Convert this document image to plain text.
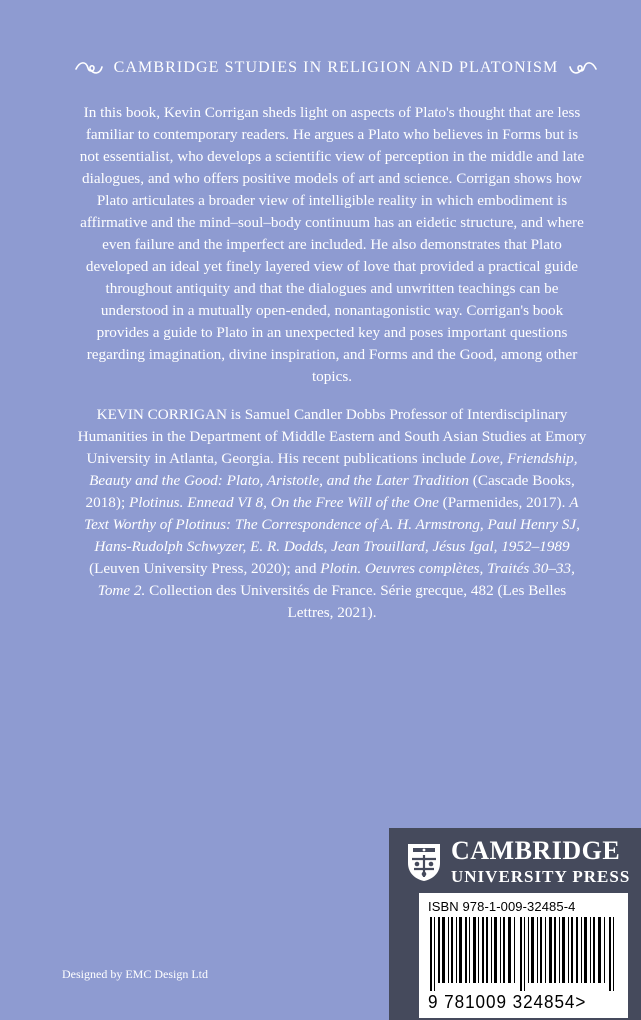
CAMBRIDGE STUDIES IN RELIGION AND PLATONISM

In this book, Kevin Corrigan sheds light on aspects of Plato's thought that are less familiar to contemporary readers. He argues a Plato who believes in Forms but is not essentialist, who develops a scientific view of perception in the middle and late dialogues, and who offers positive models of art and science. Corrigan shows how Plato articulates a broader view of intelligible reality in which embodiment is affirmative and the mind–soul–body continuum has an eidetic structure, and where even failure and the imperfect are included. He also demonstrates that Plato developed an ideal yet finely layered view of love that provided a practical guide throughout antiquity and that the dialogues and unwritten teachings can be understood in a mutually open-ended, nonantagonistic way. Corrigan's book provides a guide to Plato in an unexpected key and poses important questions regarding imagination, divine inspiration, and Forms and the Good, among other topics.

KEVIN CORRIGAN is Samuel Candler Dobbs Professor of Interdisciplinary Humanities in the Department of Middle Eastern and South Asian Studies at Emory University in Atlanta, Georgia. His recent publications include Love, Friendship, Beauty and the Good: Plato, Aristotle, and the Later Tradition (Cascade Books, 2018); Plotinus. Ennead VI 8, On the Free Will of the One (Parmenides, 2017). A Text Worthy of Plotinus: The Correspondence of A. H. Armstrong, Paul Henry SJ, Hans-Rudolph Schwyzer, E. R. Dodds, Jean Trouillard, Jésus Igal, 1952–1989 (Leuven University Press, 2020); and Plotin. Oeuvres complètes, Traités 30–33, Tome 2. Collection des Universités de France. Série grecque, 482 (Les Belles Lettres, 2021).

CAMBRIDGE
UNIVERSITY PRESS
ISBN 978-1-009-32485-4
9 781009 324854>
Designed by EMC Design Ltd
